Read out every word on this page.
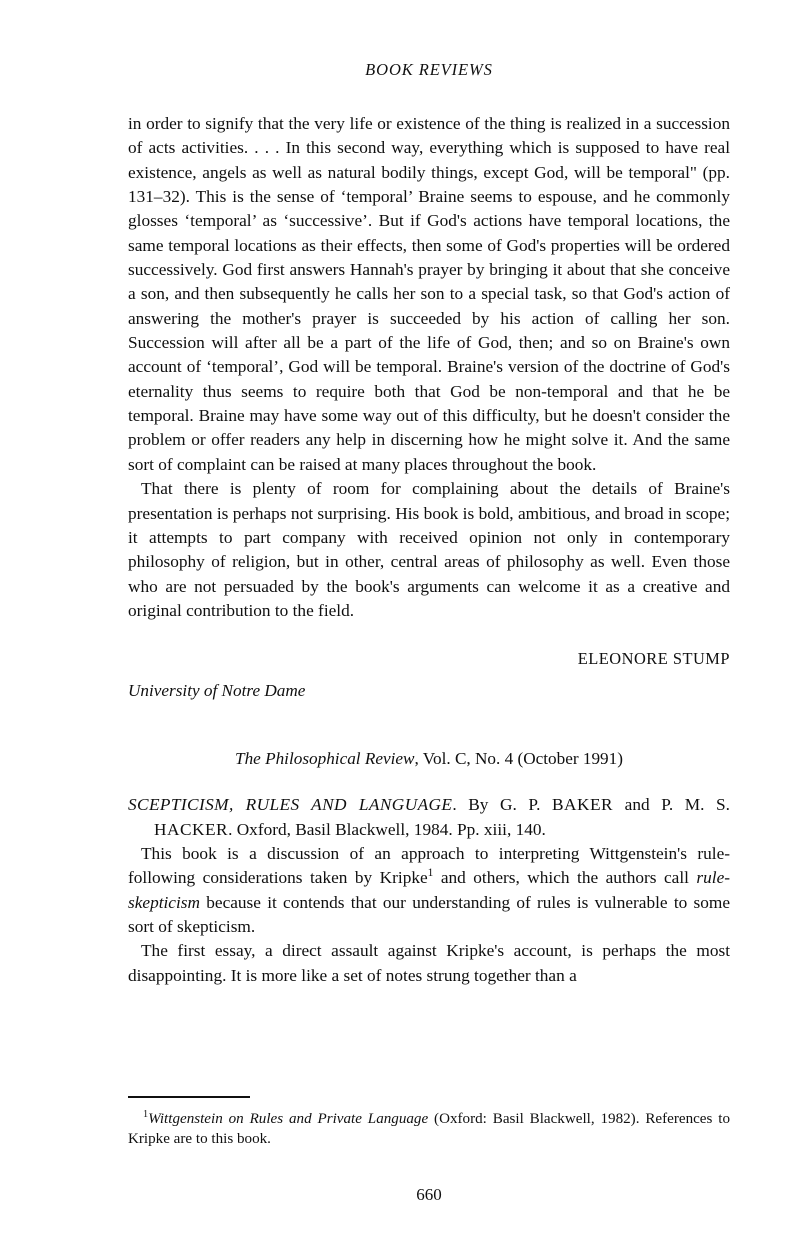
BOOK REVIEWS

in order to signify that the very life or existence of the thing is realized in a succession of acts activities. . . . In this second way, everything which is supposed to have real existence, angels as well as natural bodily things, except God, will be temporal" (pp. 131–32). This is the sense of ‘temporal’ Braine seems to espouse, and he commonly glosses ‘temporal’ as ‘successive’. But if God's actions have temporal locations, the same temporal locations as their effects, then some of God's properties will be ordered successively. God first answers Hannah's prayer by bringing it about that she conceive a son, and then subsequently he calls her son to a special task, so that God's action of answering the mother's prayer is succeeded by his action of calling her son. Succession will after all be a part of the life of God, then; and so on Braine's own account of ‘temporal’, God will be temporal. Braine's version of the doctrine of God's eternality thus seems to require both that God be non-temporal and that he be temporal. Braine may have some way out of this difficulty, but he doesn't consider the problem or offer readers any help in discerning how he might solve it. And the same sort of complaint can be raised at many places throughout the book.

That there is plenty of room for complaining about the details of Braine's presentation is perhaps not surprising. His book is bold, ambitious, and broad in scope; it attempts to part company with received opinion not only in contemporary philosophy of religion, but in other, central areas of philosophy as well. Even those who are not persuaded by the book's arguments can welcome it as a creative and original contribution to the field.

ELEONORE STUMP
University of Notre Dame
The Philosophical Review, Vol. C, No. 4 (October 1991)
SCEPTICISM, RULES AND LANGUAGE. By G. P. BAKER and P. M. S. HACKER. Oxford, Basil Blackwell, 1984. Pp. xiii, 140.

This book is a discussion of an approach to interpreting Wittgenstein's rule-following considerations taken by Kripke$^1$ and others, which the authors call rule-skepticism because it contends that our understanding of rules is vulnerable to some sort of skepticism.

The first essay, a direct assault against Kripke's account, is perhaps the most disappointing. It is more like a set of notes strung together than a

$^1$Wittgenstein on Rules and Private Language (Oxford: Basil Blackwell, 1982). References to Kripke are to this book.

660
